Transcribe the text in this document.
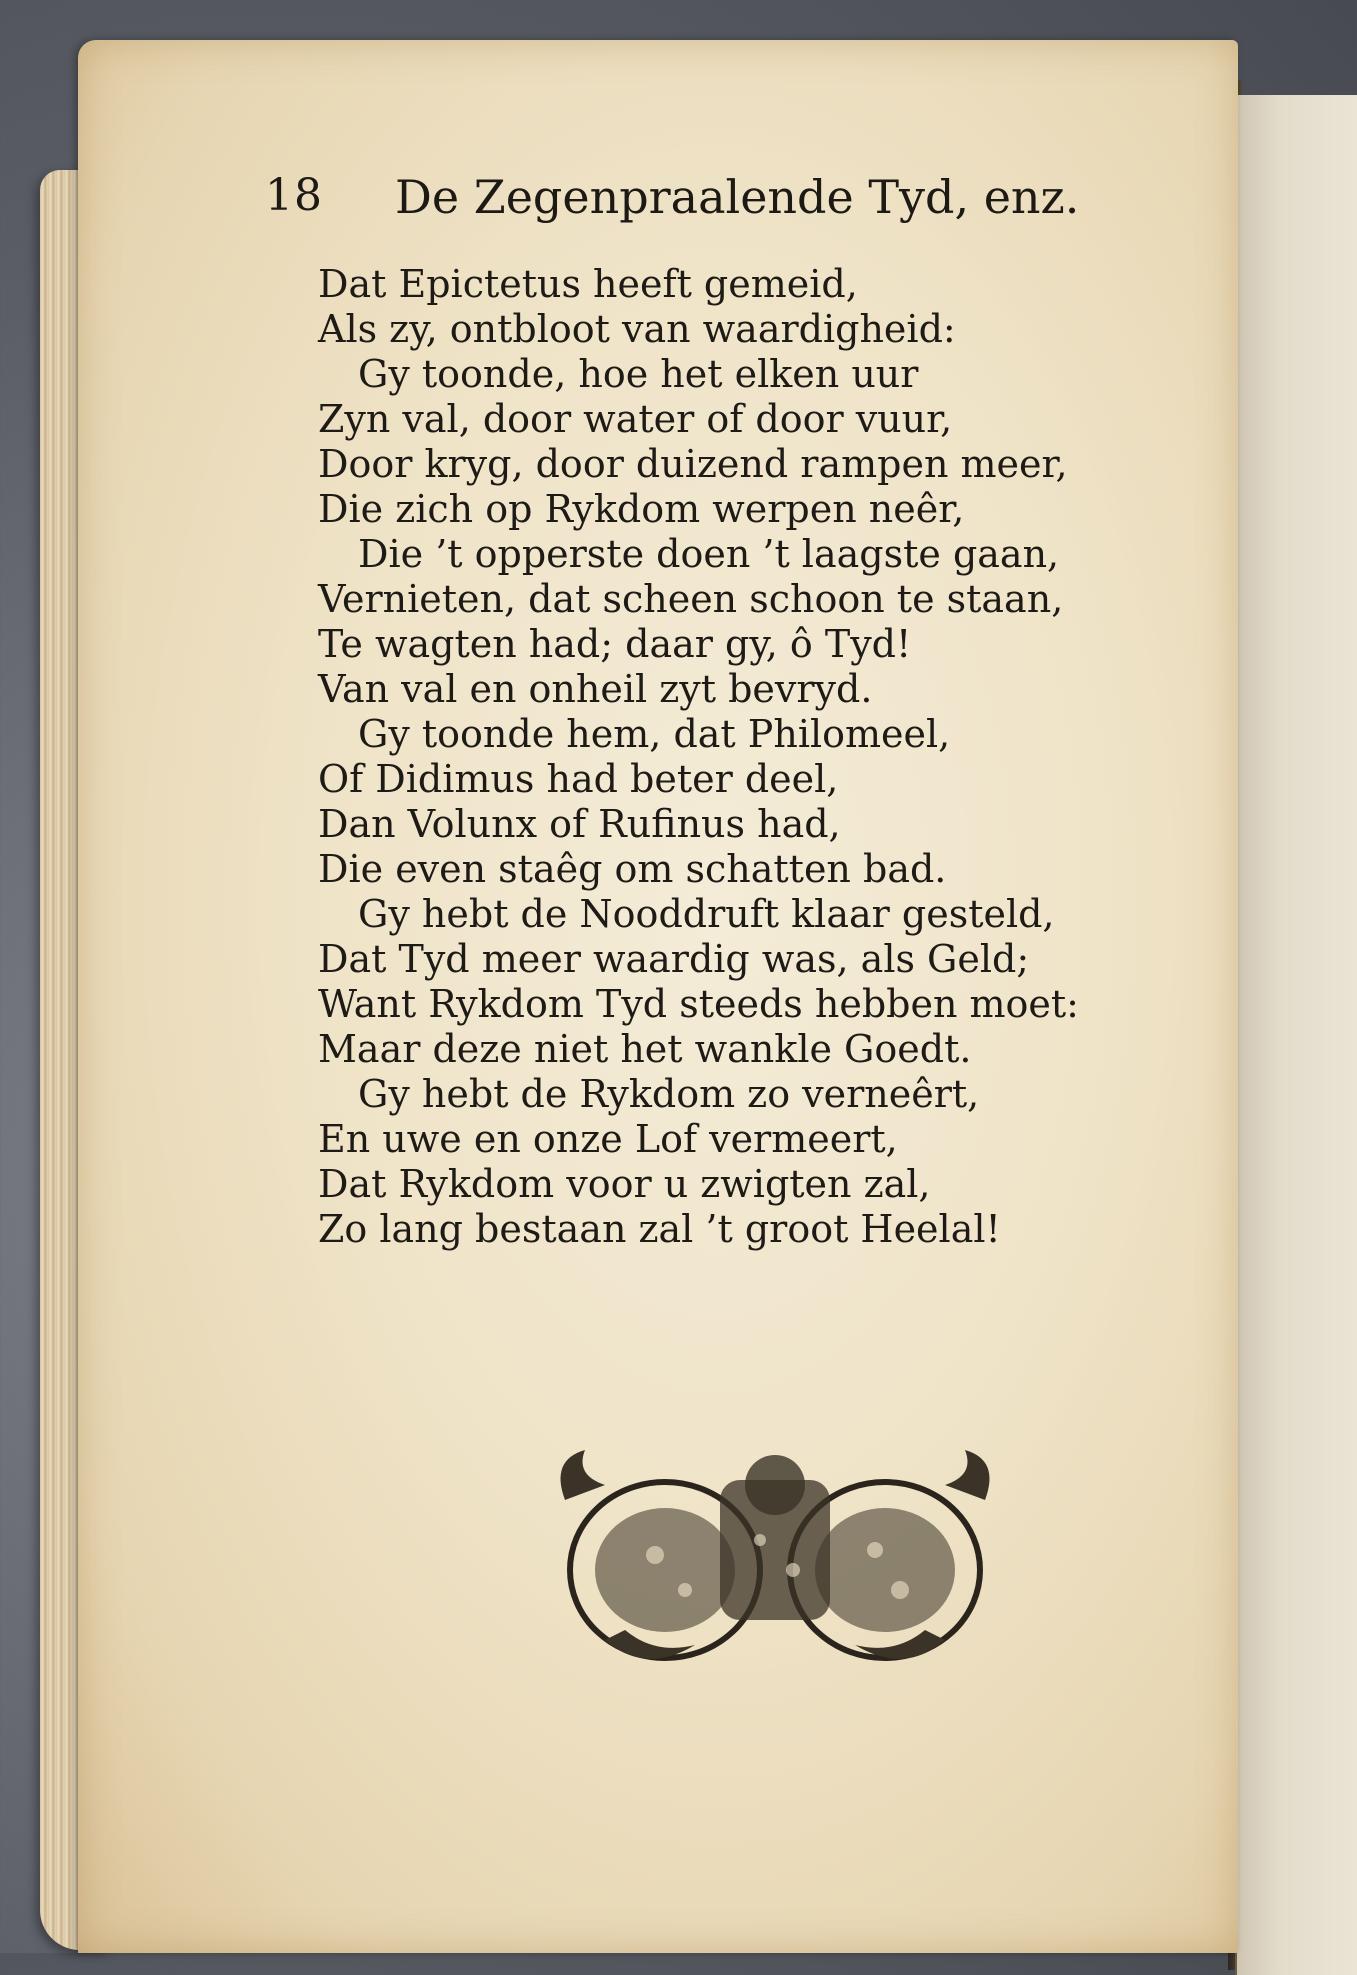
18 De Zegenpraalende Tyd, enz.
Dat Epictetus heeft gemeid,
Als zy, ontbloot van waardigheid:
Gy toonde, hoe het elken uur
Zyn val, door water of door vuur,
Door kryg, door duizend rampen meer,
Die zich op Rykdom werpen neêr,
Die ’t opperste doen ’t laagste gaan,
Vernieten, dat scheen schoon te staan,
Te wagten had; daar gy, ô Tyd!
Van val en onheil zyt bevryd.
Gy toonde hem, dat Philomeel,
Of Didimus had beter deel,
Dan Volunx of Rufinus had,
Die even staêg om schatten bad.
Gy hebt de Nooddruft klaar gesteld,
Dat Tyd meer waardig was, als Geld;
Want Rykdom Tyd steeds hebben moet:
Maar deze niet het wankle Goedt.
Gy hebt de Rykdom zo verneêrt,
En uwe en onze Lof vermeert,
Dat Rykdom voor u zwigten zal,
Zo lang bestaan zal ’t groot Heelal!
